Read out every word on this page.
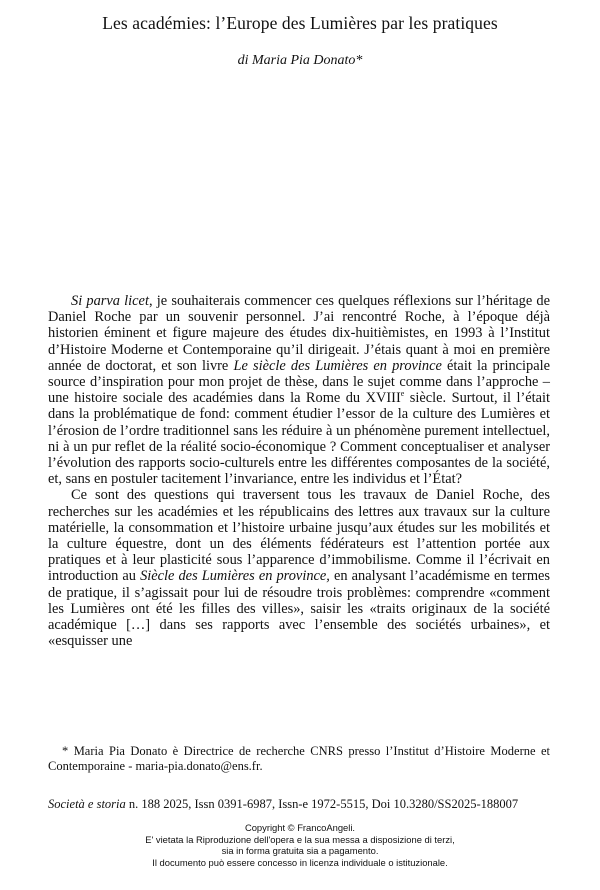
Les académies: l’Europe des Lumières par les pratiques
di Maria Pia Donato*

Si parva licet, je souhaiterais commencer ces quelques réflexions sur l’héritage de Daniel Roche par un souvenir personnel. J’ai rencontré Roche, à l’époque déjà historien éminent et figure majeure des études dix-huitièmistes, en 1993 à l’Institut d’Histoire Moderne et Contemporaine qu’il dirigeait. J’étais quant à moi en première année de doctorat, et son livre Le siècle des Lumières en province était la principale source d’inspiration pour mon projet de thèse, dans le sujet comme dans l’approche – une histoire sociale des académies dans la Rome du XVIIIe siècle. Surtout, il l’était dans la problématique de fond: comment étudier l’essor de la culture des Lumières et l’érosion de l’ordre traditionnel sans les réduire à un phénomène purement intellectuel, ni à un pur reflet de la réalité socio-économique ? Comment conceptualiser et analyser l’évolution des rapports socio-culturels entre les différentes composantes de la société, et, sans en postuler tacitement l’invariance, entre les individus et l’État?

Ce sont des questions qui traversent tous les travaux de Daniel Roche, des recherches sur les académies et les républicains des lettres aux travaux sur la culture matérielle, la consommation et l’histoire urbaine jusqu’aux études sur les mobilités et la culture équestre, dont un des éléments fédérateurs est l’attention portée aux pratiques et à leur plasticité sous l’apparence d’immobilisme. Comme il l’écrivait en introduction au Siècle des Lumières en province, en analysant l’académisme en termes de pratique, il s’agissait pour lui de résoudre trois problèmes: comprendre «comment les Lumières ont été les filles des villes», saisir les «traits originaux de la société académique […] dans ses rapports avec l’ensemble des sociétés urbaines», et «esquisser une

* Maria Pia Donato è Directrice de recherche CNRS presso l’Institut d’Histoire Moderne et Contemporaine - maria-pia.donato@ens.fr.
Società e storia n. 188 2025, Issn 0391-6987, Issn-e 1972-5515, Doi 10.3280/SS2025-188007
Copyright © FrancoAngeli.
E' vietata la Riproduzione dell'opera e la sua messa a disposizione di terzi,
sia in forma gratuita sia a pagamento.
Il documento può essere concesso in licenza individuale o istituzionale.
